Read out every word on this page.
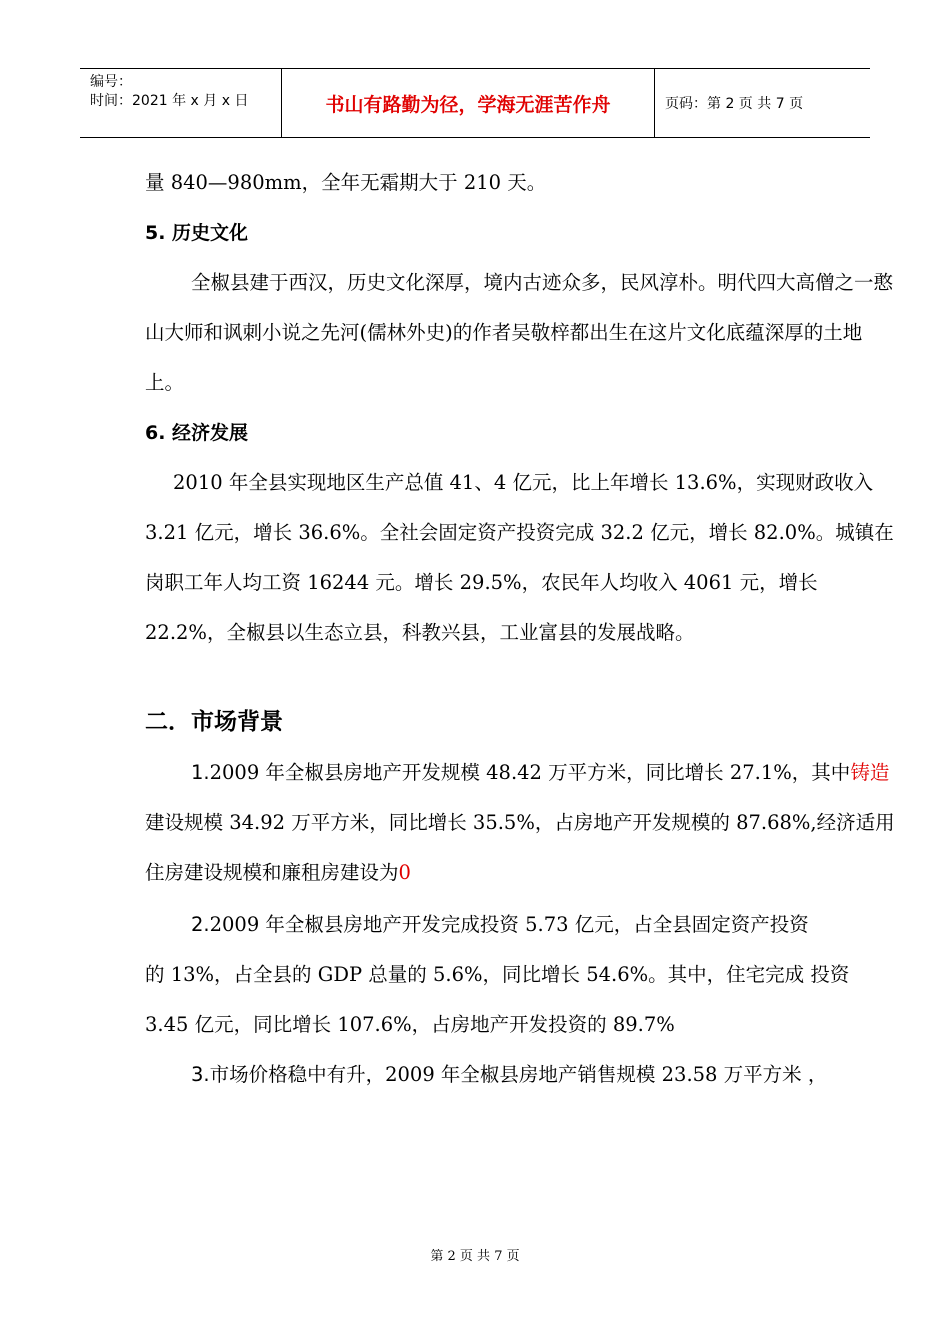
编号：
时间：2021 年 x 月 x 日	书山有路勤为径，学海无涯苦作舟	页码：第 2 页 共 7 页

量 840—980mm，全年无霜期大于 210 天。

5. 历史文化

全椒县建于西汉，历史文化深厚，境内古迹众多，民风淳朴。明代四大高僧之一憨山大师和讽刺小说之先河(儒林外史)的作者吴敬梓都出生在这片文化底蕴深厚的土地上。

6. 经济发展

2010 年全县实现地区生产总值 41、4 亿元，比上年增长 13.6%，实现财政收入 3.21 亿元，增长 36.6%。全社会固定资产投资完成 32.2 亿元，增长 82.0%。城镇在岗职工年人均工资 16244 元。增长 29.5%，农民年人均收入 4061 元，增长 22.2%，全椒县以生态立县，科教兴县，工业富县的发展战略。

二．市场背景

1.2009 年全椒县房地产开发规模 48.42 万平方米，同比增长 27.1%，其中铸造建设规模 34.92 万平方米，同比增长 35.5%，占房地产开发规模的 87.68%,经济适用住房建设规模和廉租房建设为0

2.2009 年全椒县房地产开发完成投资 5.73 亿元，占全县固定资产投资

的 13%，占全县的 GDP 总量的 5.6%，同比增长 54.6%。其中，住宅完成 投资

3.45 亿元，同比增长 107.6%，占房地产开发投资的 89.7%

3.市场价格稳中有升，2009 年全椒县房地产销售规模 23.58 万平方米 ，

第 2 页 共 7 页
